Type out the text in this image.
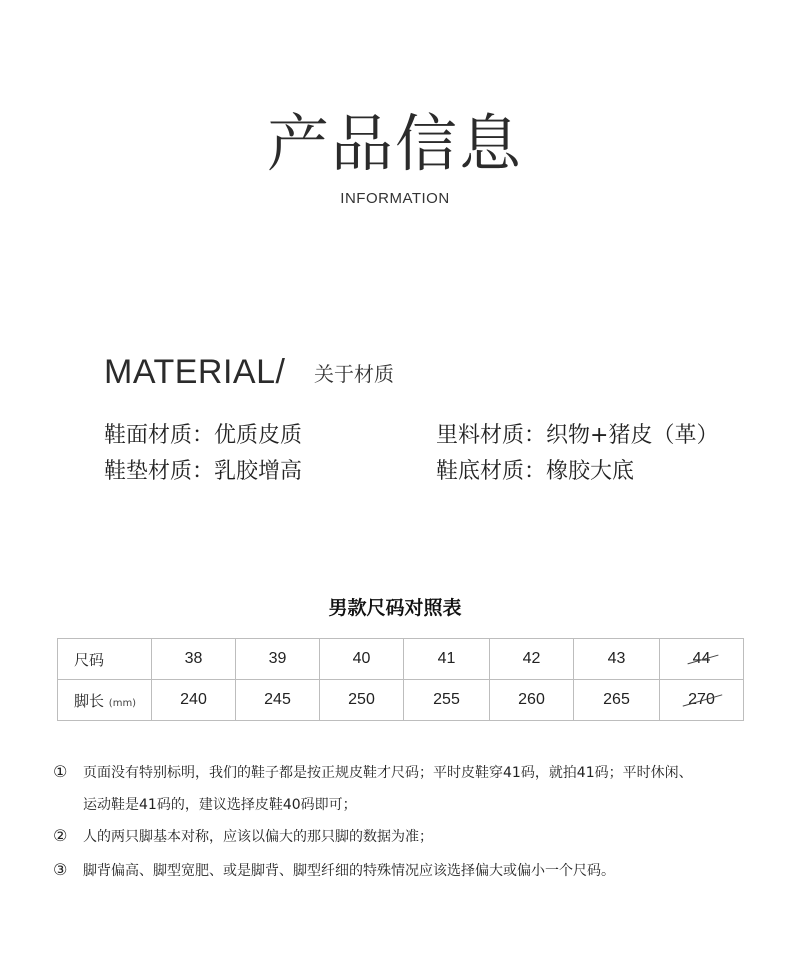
产品信息
INFORMATION
MATERIAL/ 关于材质
鞋面材质：优质皮质	里料材质：织物+猪皮（革）
鞋垫材质：乳胶增高	鞋底材质：橡胶大底
男款尺码对照表
尺码	38	39	40	41	42	43	44
脚长 (mm)	240	245	250	255	260	265	270
① 页面没有特别标明，我们的鞋子都是按正规皮鞋才尺码；平时皮鞋穿41码，就拍41码；平时休闲、
运动鞋是41码的，建议选择皮鞋40码即可；
② 人的两只脚基本对称，应该以偏大的那只脚的数据为准；
③ 脚背偏高、脚型宽肥、或是脚背、脚型纤细的特殊情况应该选择偏大或偏小一个尺码。
